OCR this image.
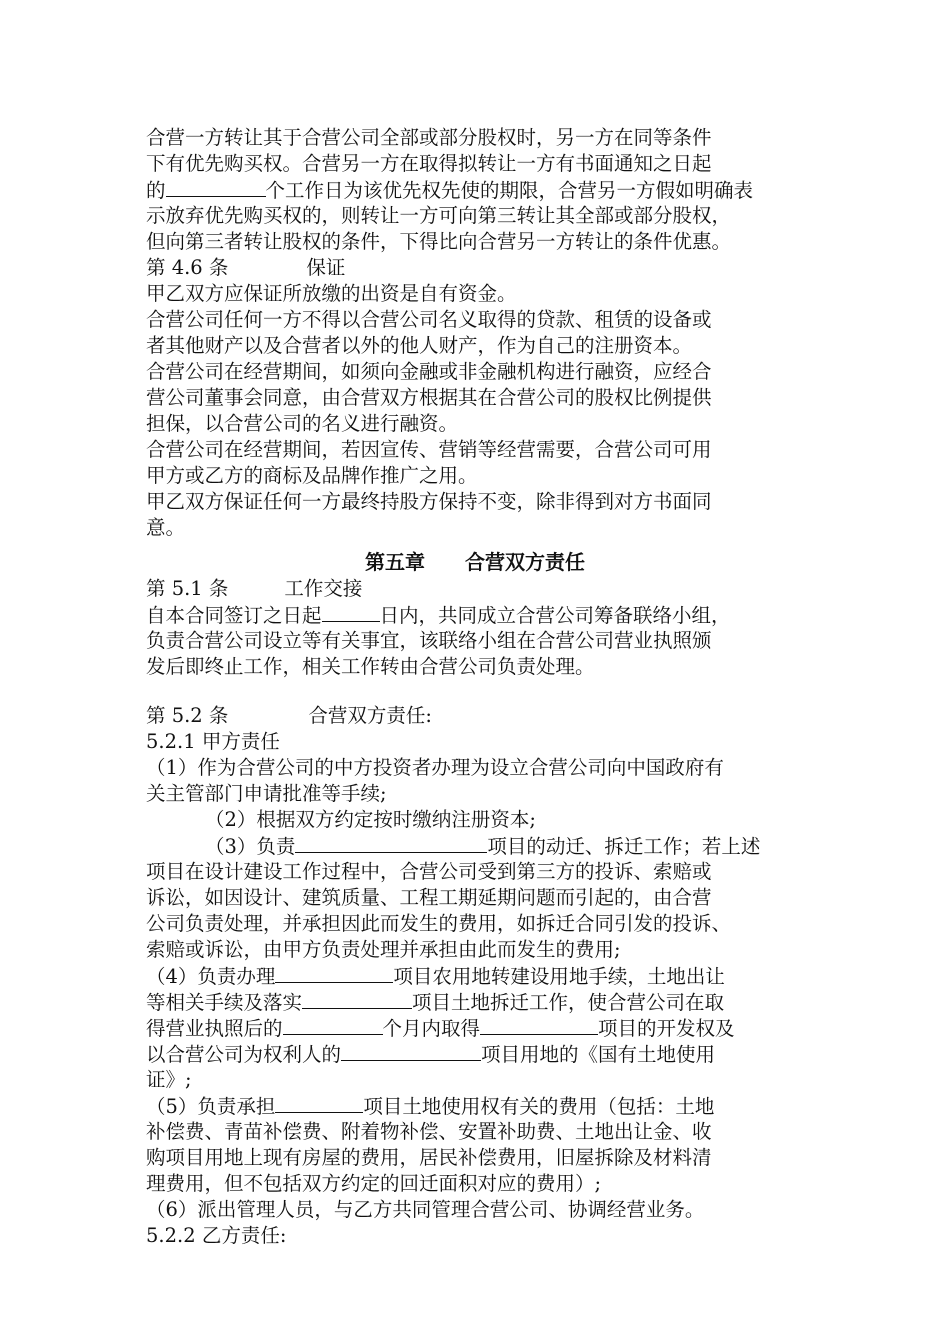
合营一方转让其于合营公司全部或部分股权时，另一方在同等条件
下有优先购买权。合营另一方在取得拟转让一方有书面通知之日起
的	个工作日为该优先权先使的期限，合营另一方假如明确表
示放弃优先购买权的，则转让一方可向第三转让其全部或部分股权，
但向第三者转让股权的条件，下得比向合营另一方转让的条件优惠。
第 4.6 条	保证
甲乙双方应保证所放缴的出资是自有资金。
合营公司任何一方不得以合营公司名义取得的贷款、租赁的设备或
者其他财产以及合营者以外的他人财产，作为自己的注册资本。
合营公司在经营期间，如须向金融或非金融机构进行融资，应经合
营公司董事会同意，由合营双方根据其在合营公司的股权比例提供
担保，以合营公司的名义进行融资。
合营公司在经营期间，若因宣传、营销等经营需要，合营公司可用
甲方或乙方的商标及品牌作推广之用。
甲乙双方保证任何一方最终持股方保持不变，除非得到对方书面同
意。
第五章　　合营双方责任
第 5.1 条	工作交接
自本合同签订之日起	日内，共同成立合营公司筹备联络小组，
负责合营公司设立等有关事宜，该联络小组在合营公司营业执照颁
发后即终止工作，相关工作转由合营公司负责处理。
第 5.2 条	合营双方责任:
5.2.1 甲方责任
（1）作为合营公司的中方投资者办理为设立合营公司向中国政府有
关主管部门申请批准等手续;
（2）根据双方约定按时缴纳注册资本;
（3）负责	项目的动迁、拆迁工作；若上述
项目在设计建设工作过程中，合营公司受到第三方的投诉、索赔或
诉讼，如因设计、建筑质量、工程工期延期问题而引起的，由合营
公司负责处理，并承担因此而发生的费用，如拆迁合同引发的投诉、
索赔或诉讼，由甲方负责处理并承担由此而发生的费用;
（4）负责办理	项目农用地转建设用地手续，土地出让
等相关手续及落实	项目土地拆迁工作，使合营公司在取
得营业执照后的	个月内取得	项目的开发权及
以合营公司为权利人的	项目用地的《国有土地使用
证》;
（5）负责承担	项目土地使用权有关的费用（包括：土地
补偿费、青苗补偿费、附着物补偿、安置补助费、土地出让金、收
购项目用地上现有房屋的费用，居民补偿费用，旧屋拆除及材料清
理费用，但不包括双方约定的回迁面积对应的费用）;
（6）派出管理人员，与乙方共同管理合营公司、协调经营业务。
5.2.2 乙方责任:
